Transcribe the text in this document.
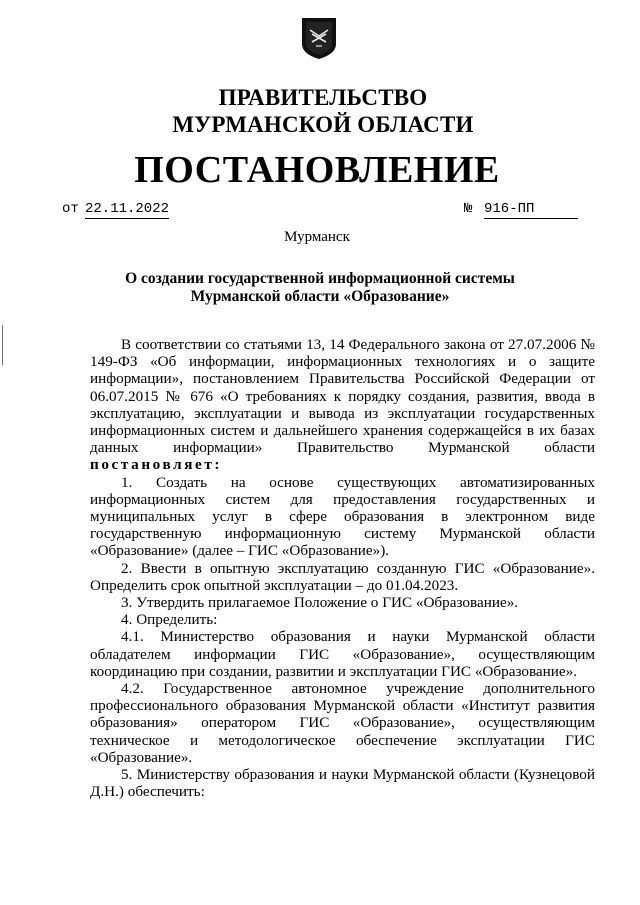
ПРАВИТЕЛЬСТВО
МУРМАНСКОЙ ОБЛАСТИ
ПОСТАНОВЛЕНИЕ
от 22.11.2022	№ 916-ПП
Мурманск
О создании государственной информационной системы
Мурманской области «Образование»

В соответствии со статьями 13, 14 Федерального закона от 27.07.2006 № 149-ФЗ «Об информации, информационных технологиях и о защите информации», постановлением Правительства Российской Федерации от 06.07.2015 № 676 «О требованиях к порядку создания, развития, ввода в эксплуатацию, эксплуатации и вывода из эксплуатации государственных информационных систем и дальнейшего хранения содержащейся в их базах данных информации» Правительство Мурманской области

постановляет:

1. Создать на основе существующих автоматизированных информационных систем для предоставления государственных и муниципальных услуг в сфере образования в электронном виде государственную информационную систему Мурманской области «Образование» (далее – ГИС «Образование»).

2. Ввести в опытную эксплуатацию созданную ГИС «Образование». Определить срок опытной эксплуатации – до 01.04.2023.

3. Утвердить прилагаемое Положение о ГИС «Образование».

4. Определить:

4.1. Министерство образования и науки Мурманской области обладателем информации ГИС «Образование», осуществляющим координацию при создании, развитии и эксплуатации ГИС «Образование».

4.2. Государственное автономное учреждение дополнительного профессионального образования Мурманской области «Институт развития образования» оператором ГИС «Образование», осуществляющим техническое и методологическое обеспечение эксплуатации ГИС «Образование».

5. Министерству образования и науки Мурманской области (Кузнецовой Д.Н.) обеспечить:
